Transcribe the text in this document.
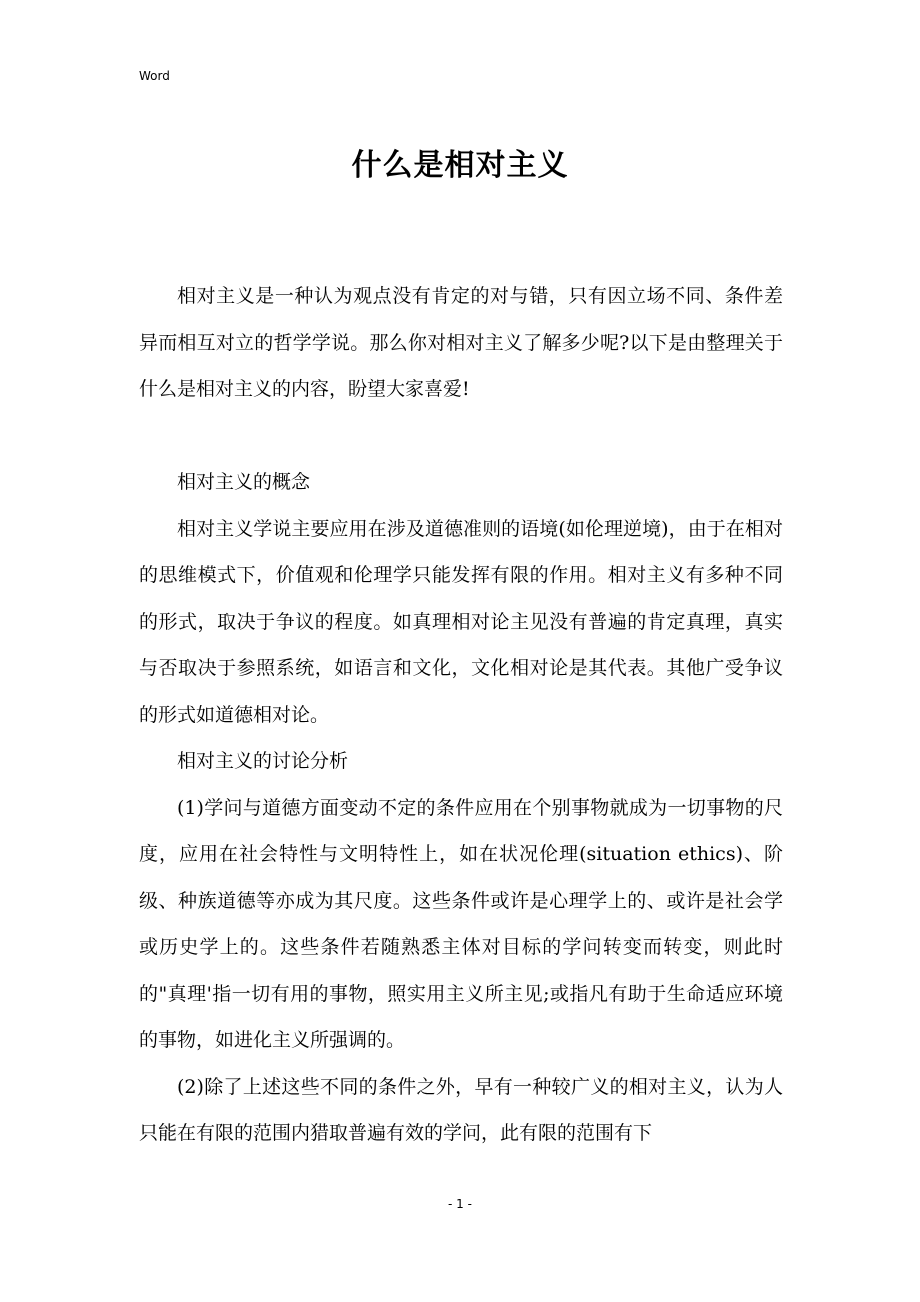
Word
什么是相对主义

相对主义是一种认为观点没有肯定的对与错，只有因立场不同、条件差异而相互对立的哲学学说。那么你对相对主义了解多少呢?以下是由整理关于什么是相对主义的内容，盼望大家喜爱!

相对主义的概念

相对主义学说主要应用在涉及道德准则的语境(如伦理逆境)，由于在相对的思维模式下，价值观和伦理学只能发挥有限的作用。相对主义有多种不同的形式，取决于争议的程度。如真理相对论主见没有普遍的肯定真理，真实与否取决于参照系统，如语言和文化，文化相对论是其代表。其他广受争议的形式如道德相对论。

相对主义的讨论分析

(1)学问与道德方面变动不定的条件应用在个别事物就成为一切事物的尺度，应用在社会特性与文明特性上，如在状况伦理(situation ethics)、阶级、种族道德等亦成为其尺度。这些条件或许是心理学上的、或许是社会学或历史学上的。这些条件若随熟悉主体对目标的学问转变而转变，则此时的"真理'指一切有用的事物，照实用主义所主见;或指凡有助于生命适应环境的事物，如进化主义所强调的。

(2)除了上述这些不同的条件之外，早有一种较广义的相对主义，认为人只能在有限的范围内猎取普遍有效的学问，此有限的范围有下

- 1 -
